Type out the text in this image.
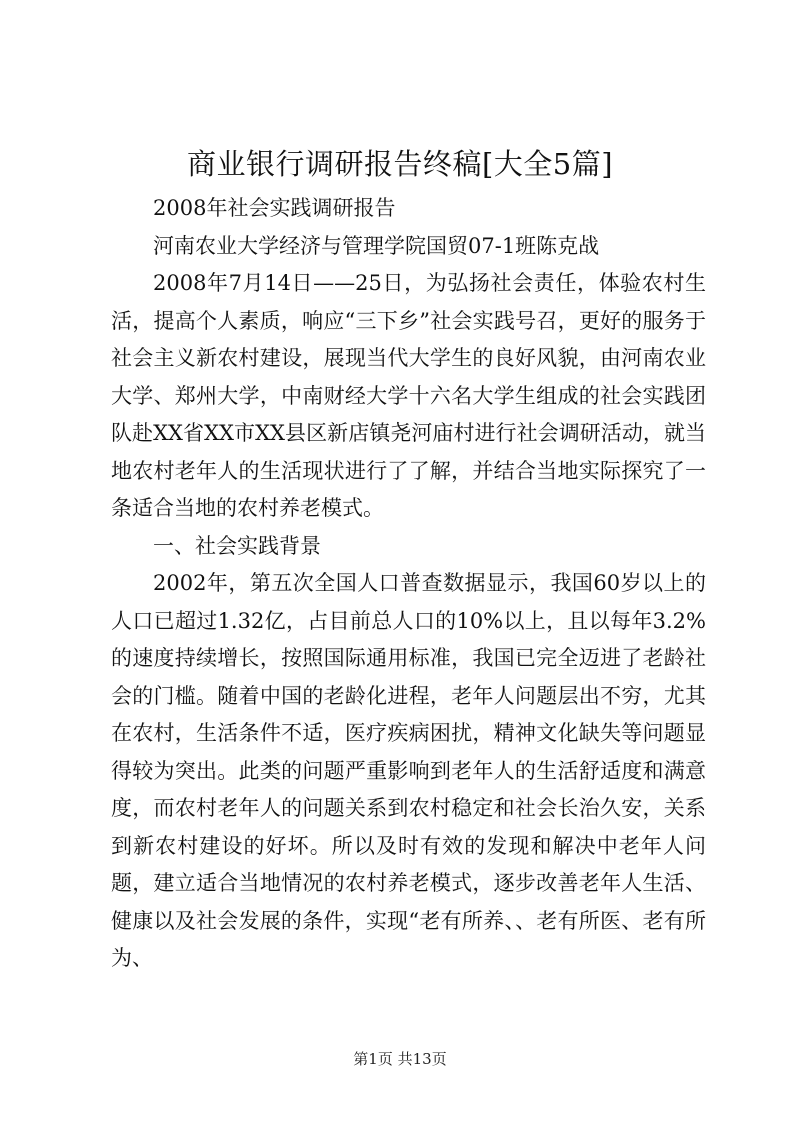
商业银行调研报告终稿[大全5篇]

2008年社会实践调研报告

河南农业大学经济与管理学院国贸07-1班陈克战

2008年7月14日——25日，为弘扬社会责任，体验农村生活，提高个人素质，响应“三下乡”社会实践号召，更好的服务于社会主义新农村建设，展现当代大学生的良好风貌，由河南农业大学、郑州大学，中南财经大学十六名大学生组成的社会实践团队赴XX省XX市XX县区新店镇尧河庙村进行社会调研活动，就当地农村老年人的生活现状进行了了解，并结合当地实际探究了一条适合当地的农村养老模式。

一、社会实践背景

2002年，第五次全国人口普查数据显示，我国60岁以上的人口已超过1.32亿，占目前总人口的10%以上，且以每年3.2%的速度持续增长，按照国际通用标准，我国已完全迈进了老龄社会的门槛。随着中国的老龄化进程，老年人问题层出不穷，尤其在农村，生活条件不适，医疗疾病困扰，精神文化缺失等问题显得较为突出。此类的问题严重影响到老年人的生活舒适度和满意度，而农村老年人的问题关系到农村稳定和社会长治久安，关系到新农村建设的好坏。所以及时有效的发现和解决中老年人问题，建立适合当地情况的农村养老模式，逐步改善老年人生活、健康以及社会发展的条件，实现“老有所养、、老有所医、老有所为、

第1页 共13页
